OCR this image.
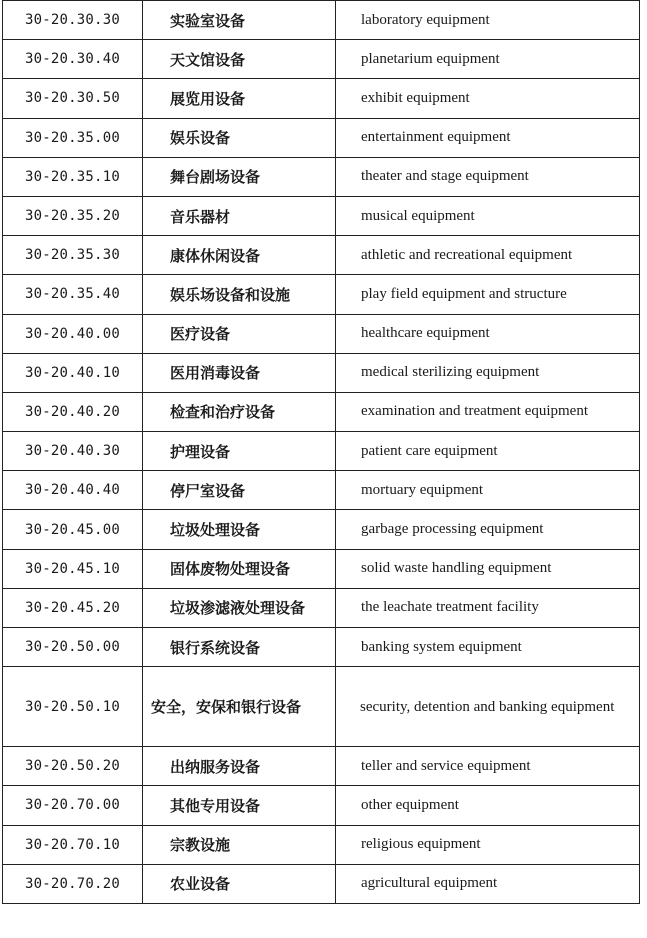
30-20.30.30	实验室设备	laboratory equipment
30-20.30.40	天文馆设备	planetarium equipment
30-20.30.50	展览用设备	exhibit equipment
30-20.35.00	娱乐设备	entertainment equipment
30-20.35.10	舞台剧场设备	theater and stage equipment
30-20.35.20	音乐器材	musical equipment
30-20.35.30	康体休闲设备	athletic and recreational equipment
30-20.35.40	娱乐场设备和设施	play field equipment and structure
30-20.40.00	医疗设备	healthcare equipment
30-20.40.10	医用消毒设备	medical sterilizing equipment
30-20.40.20	检查和治疗设备	examination and treatment equipment
30-20.40.30	护理设备	patient care equipment
30-20.40.40	停尸室设备	mortuary equipment
30-20.45.00	垃圾处理设备	garbage processing equipment
30-20.45.10	固体废物处理设备	solid waste handling equipment
30-20.45.20	垃圾渗滤液处理设备	the leachate treatment facility
30-20.50.00	银行系统设备	banking system equipment
30-20.50.10	安全，安保和银行设备	security, detention and banking equipment
30-20.50.20	出纳服务设备	teller and service equipment
30-20.70.00	其他专用设备	other equipment
30-20.70.10	宗教设施	religious equipment
30-20.70.20	农业设备	agricultural equipment
